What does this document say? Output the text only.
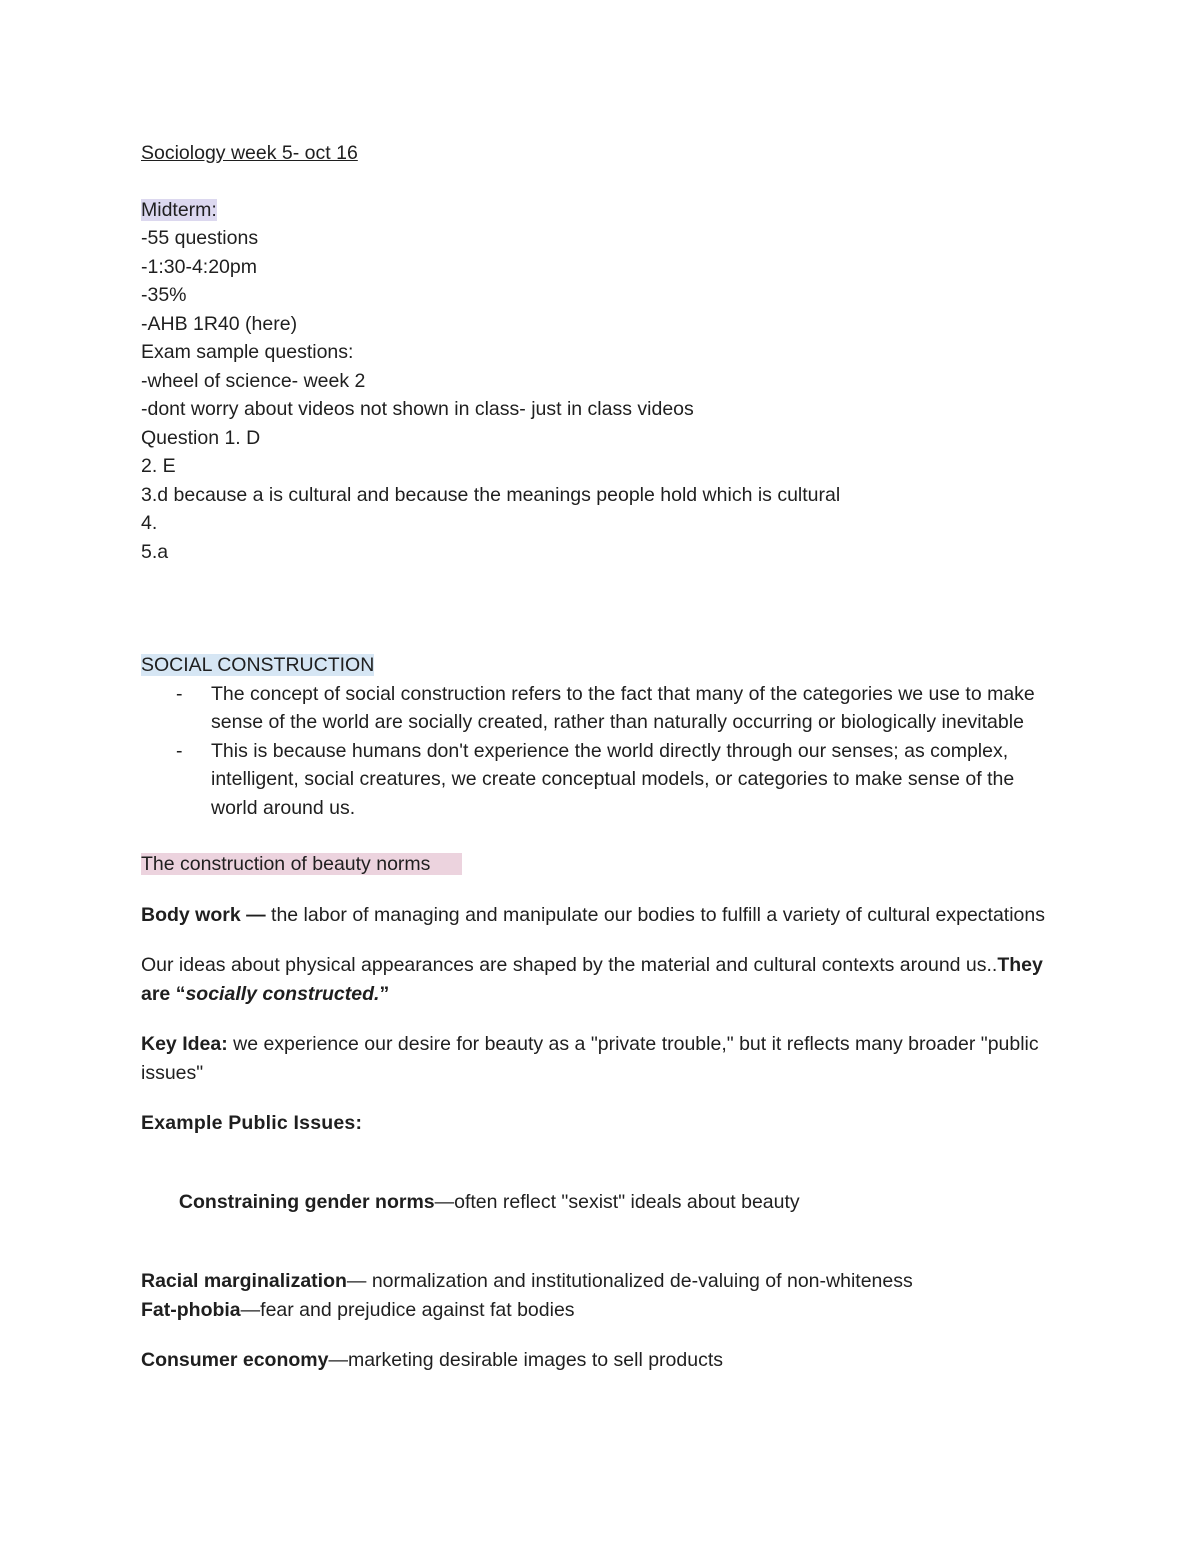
Sociology week 5- oct 16
Midterm:
-55 questions
-1:30-4:20pm
-35%
-AHB 1R40 (here)
Exam sample questions:
-wheel of science- week 2
-dont worry about videos not shown in class- just in class videos
Question 1. D
2. E
3.d because a is cultural and because the meanings people hold which is cultural
4.
5.a
SOCIAL CONSTRUCTION
- The concept of social construction refers to the fact that many of the categories we use to make sense of the world are socially created, rather than naturally occurring or biologically inevitable
- This is because humans don't experience the world directly through our senses; as complex, intelligent, social creatures, we create conceptual models, or categories to make sense of the world around us.
The construction of beauty norms
Body work — the labor of managing and manipulate our bodies to fulfill a variety of cultural expectations
Our ideas about physical appearances are shaped by the material and cultural contexts around us..They are “socially constructed.”
Key Idea: we experience our desire for beauty as a "private trouble," but it reflects many broader "public issues"
Example Public Issues:

Constraining gender norms—often reflect "sexist" ideals about beauty

Racial marginalization— normalization and institutionalized de-valuing of non-whiteness
Fat-phobia—fear and prejudice against fat bodies
Consumer economy—marketing desirable images to sell products
